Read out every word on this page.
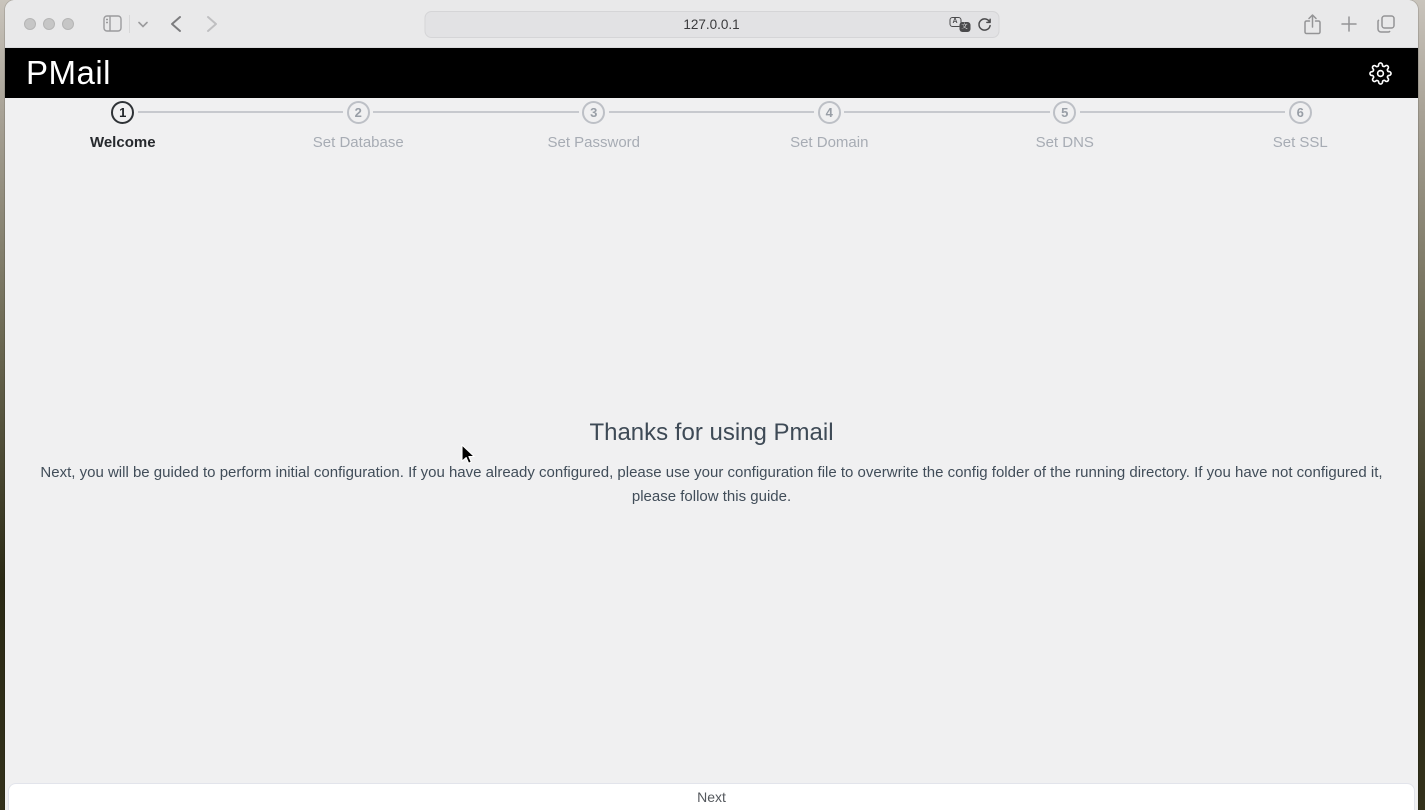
127.0.0.1	A
文
PMail
1
Welcome
2
Set Database
3
Set Password
4
Set Domain
5
Set DNS
6
Set SSL
Thanks for using Pmail

Next, you will be guided to perform initial configuration. If you have already configured, please use your configuration file to overwrite the config folder of the running directory. If you have not configured it, please follow this guide.

Next
